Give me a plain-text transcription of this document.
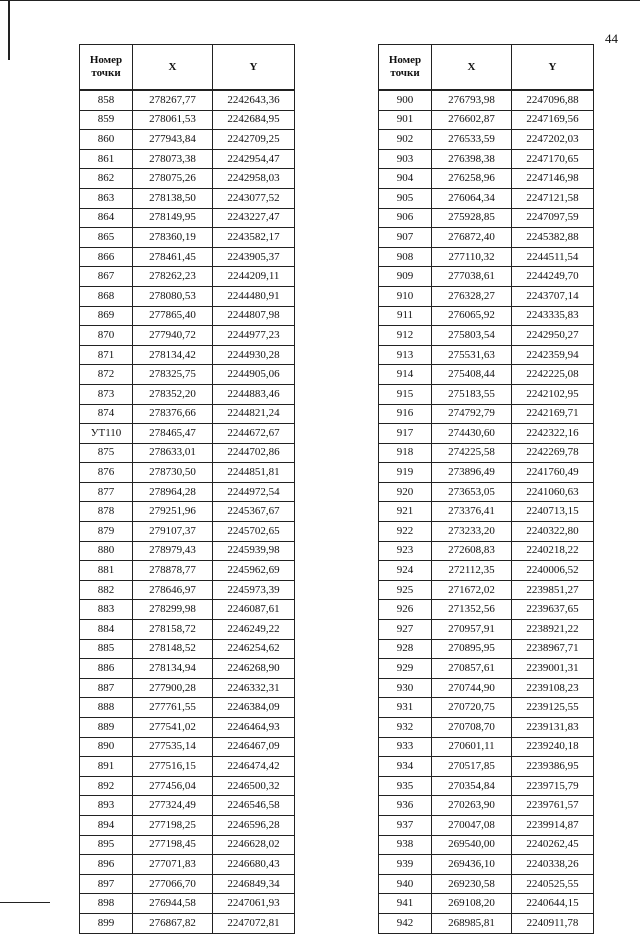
44
Номер
точки	X	Y
858	278267,77	2242643,36
859	278061,53	2242684,95
860	277943,84	2242709,25
861	278073,38	2242954,47
862	278075,26	2242958,03
863	278138,50	2243077,52
864	278149,95	2243227,47
865	278360,19	2243582,17
866	278461,45	2243905,37
867	278262,23	2244209,11
868	278080,53	2244480,91
869	277865,40	2244807,98
870	277940,72	2244977,23
871	278134,42	2244930,28
872	278325,75	2244905,06
873	278352,20	2244883,46
874	278376,66	2244821,24
УТ110	278465,47	2244672,67
875	278633,01	2244702,86
876	278730,50	2244851,81
877	278964,28	2244972,54
878	279251,96	2245367,67
879	279107,37	2245702,65
880	278979,43	2245939,98
881	278878,77	2245962,69
882	278646,97	2245973,39
883	278299,98	2246087,61
884	278158,72	2246249,22
885	278148,52	2246254,62
886	278134,94	2246268,90
887	277900,28	2246332,31
888	277761,55	2246384,09
889	277541,02	2246464,93
890	277535,14	2246467,09
891	277516,15	2246474,42
892	277456,04	2246500,32
893	277324,49	2246546,58
894	277198,25	2246596,28
895	277198,45	2246628,02
896	277071,83	2246680,43
897	277066,70	2246849,34
898	276944,58	2247061,93
899	276867,82	2247072,81
Номер
точки	X	Y
900	276793,98	2247096,88
901	276602,87	2247169,56
902	276533,59	2247202,03
903	276398,38	2247170,65
904	276258,96	2247146,98
905	276064,34	2247121,58
906	275928,85	2247097,59
907	276872,40	2245382,88
908	277110,32	2244511,54
909	277038,61	2244249,70
910	276328,27	2243707,14
911	276065,92	2243335,83
912	275803,54	2242950,27
913	275531,63	2242359,94
914	275408,44	2242225,08
915	275183,55	2242102,95
916	274792,79	2242169,71
917	274430,60	2242322,16
918	274225,58	2242269,78
919	273896,49	2241760,49
920	273653,05	2241060,63
921	273376,41	2240713,15
922	273233,20	2240322,80
923	272608,83	2240218,22
924	272112,35	2240006,52
925	271672,02	2239851,27
926	271352,56	2239637,65
927	270957,91	2238921,22
928	270895,95	2238967,71
929	270857,61	2239001,31
930	270744,90	2239108,23
931	270720,75	2239125,55
932	270708,70	2239131,83
933	270601,11	2239240,18
934	270517,85	2239386,95
935	270354,84	2239715,79
936	270263,90	2239761,57
937	270047,08	2239914,87
938	269540,00	2240262,45
939	269436,10	2240338,26
940	269230,58	2240525,55
941	269108,20	2240644,15
942	268985,81	2240911,78
